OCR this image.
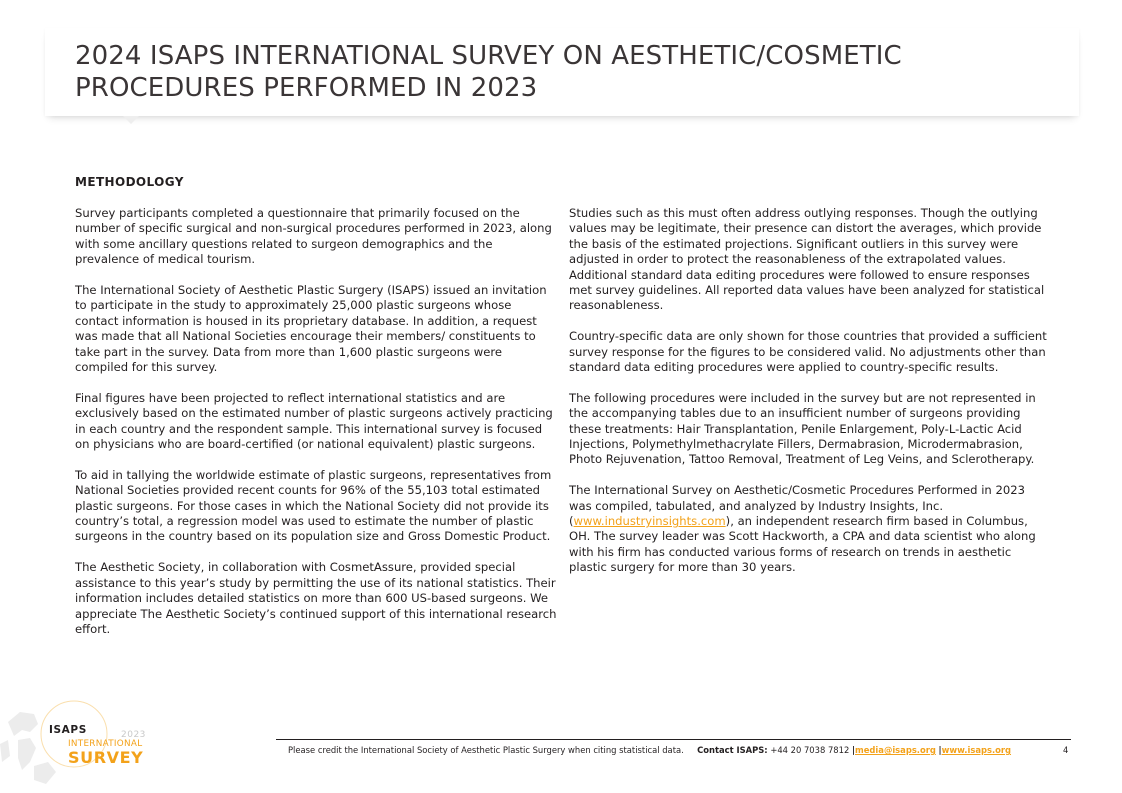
2024 ISAPS INTERNATIONAL SURVEY ON AESTHETIC/COSMETIC PROCEDURES PERFORMED IN 2023
METHODOLOGY

Survey participants completed a questionnaire that primarily focused on the number of specific surgical and non-surgical procedures performed in 2023, along with some ancillary questions related to surgeon demographics and the prevalence of medical tourism.

The International Society of Aesthetic Plastic Surgery (ISAPS) issued an invitation to participate in the study to approximately 25,000 plastic surgeons whose contact information is housed in its proprietary database. In addition, a request was made that all National Societies encourage their members/ constituents to take part in the survey. Data from more than 1,600 plastic surgeons were compiled for this survey.

Final figures have been projected to reflect international statistics and are exclusively based on the estimated number of plastic surgeons actively practicing in each country and the respondent sample. This international survey is focused on physicians who are board-certified (or national equivalent) plastic surgeons.

To aid in tallying the worldwide estimate of plastic surgeons, representatives from National Societies provided recent counts for 96% of the 55,103 total estimated plastic surgeons. For those cases in which the National Society did not provide its country’s total, a regression model was used to estimate the number of plastic surgeons in the country based on its population size and Gross Domestic Product.

The Aesthetic Society, in collaboration with CosmetAssure, provided special assistance to this year’s study by permitting the use of its national statistics. Their information includes detailed statistics on more than 600 US-based surgeons. We appreciate The Aesthetic Society’s continued support of this international research effort.

Studies such as this must often address outlying responses. Though the outlying values may be legitimate, their presence can distort the averages, which provide the basis of the estimated projections. Significant outliers in this survey were adjusted in order to protect the reasonableness of the extrapolated values. Additional standard data editing procedures were followed to ensure responses met survey guidelines. All reported data values have been analyzed for statistical reasonableness.

Country-specific data are only shown for those countries that provided a sufficient survey response for the figures to be considered valid. No adjustments other than standard data editing procedures were applied to country-specific results.

The following procedures were included in the survey but are not represented in the accompanying tables due to an insufficient number of surgeons providing these treatments: Hair Transplantation, Penile Enlargement, Poly-L-Lactic Acid Injections, Polymethylmethacrylate Fillers, Dermabrasion, Microdermabrasion, Photo Rejuvenation, Tattoo Removal, Treatment of Leg Veins, and Sclerotherapy.

The International Survey on Aesthetic/Cosmetic Procedures Performed in 2023 was compiled, tabulated, and analyzed by Industry Insights, Inc. (www.industryinsights.com), an independent research firm based in Columbus, OH. The survey leader was Scott Hackworth, a CPA and data scientist who along with his firm has conducted various forms of research on trends in aesthetic plastic surgery for more than 30 years.

ISAPS	2023
INTERNATIONAL
SURVEY	Please credit the International Society of Aesthetic Plastic Surgery when citing statistical data. Contact ISAPS: +44 20 7038 7812 |media@isaps.org |www.isaps.org	4
